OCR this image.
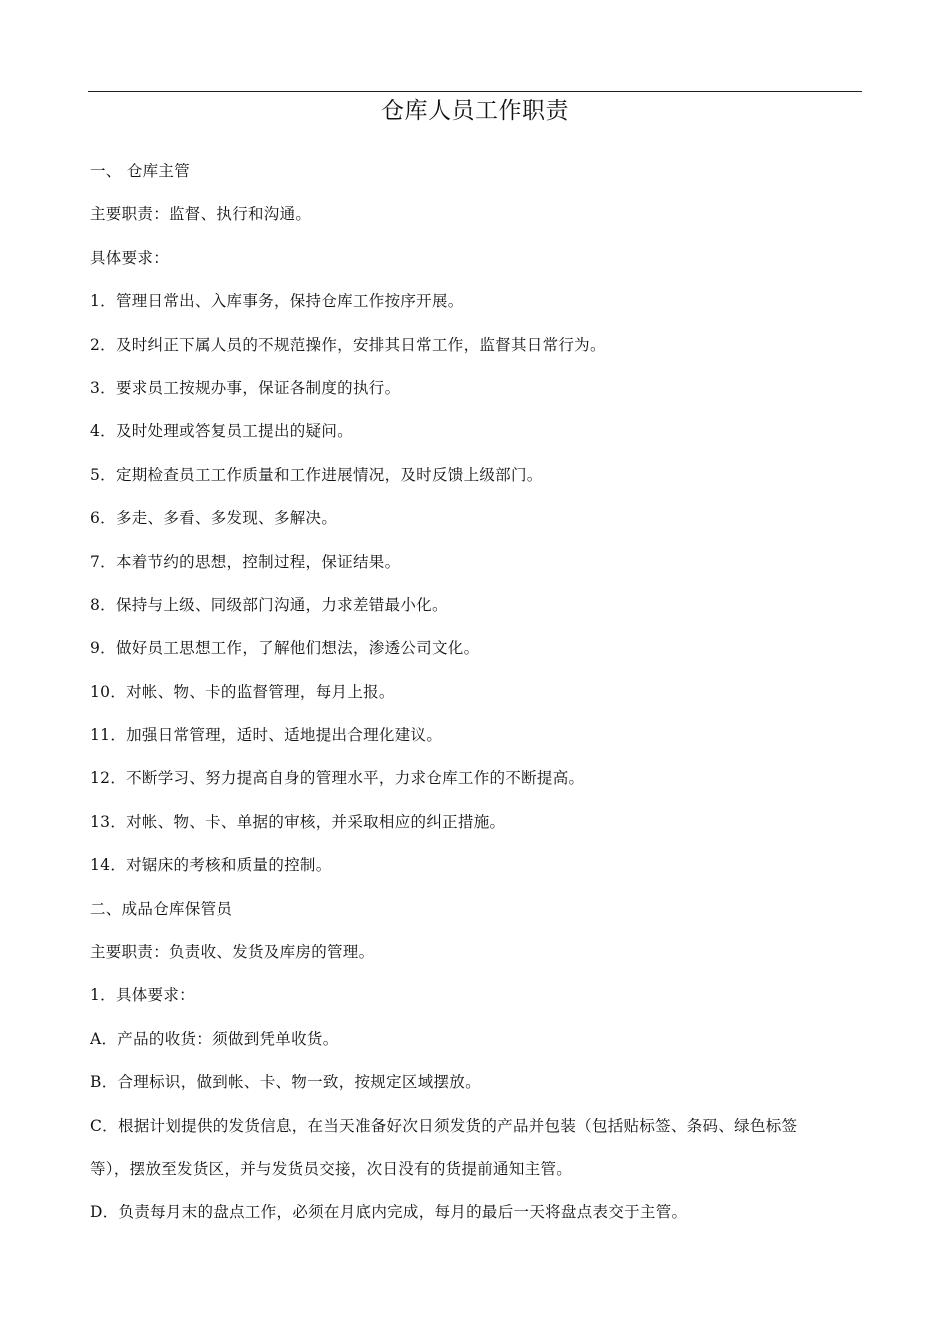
仓库人员工作职责

一、 仓库主管

主要职责：监督、执行和沟通。

具体要求：

1．管理日常出、入库事务，保持仓库工作按序开展。

2．及时纠正下属人员的不规范操作，安排其日常工作，监督其日常行为。

3．要求员工按规办事，保证各制度的执行。

4．及时处理或答复员工提出的疑问。

5．定期检查员工工作质量和工作进展情况，及时反馈上级部门。

6．多走、多看、多发现、多解决。

7．本着节约的思想，控制过程，保证结果。

8．保持与上级、同级部门沟通，力求差错最小化。

9．做好员工思想工作，了解他们想法，渗透公司文化。

10．对帐、物、卡的监督管理，每月上报。

11．加强日常管理，适时、适地提出合理化建议。

12．不断学习、努力提高自身的管理水平，力求仓库工作的不断提高。

13．对帐、物、卡、单据的审核，并采取相应的纠正措施。

14．对锯床的考核和质量的控制。

二、成品仓库保管员

主要职责：负责收、发货及库房的管理。

1．具体要求：

A．产品的收货：须做到凭单收货。

B．合理标识，做到帐、卡、物一致，按规定区域摆放。

C．根据计划提供的发货信息，在当天准备好次日须发货的产品并包装（包括贴标签、条码、绿色标签

等），摆放至发货区，并与发货员交接，次日没有的货提前通知主管。

D．负责每月末的盘点工作，必须在月底内完成，每月的最后一天将盘点表交于主管。
